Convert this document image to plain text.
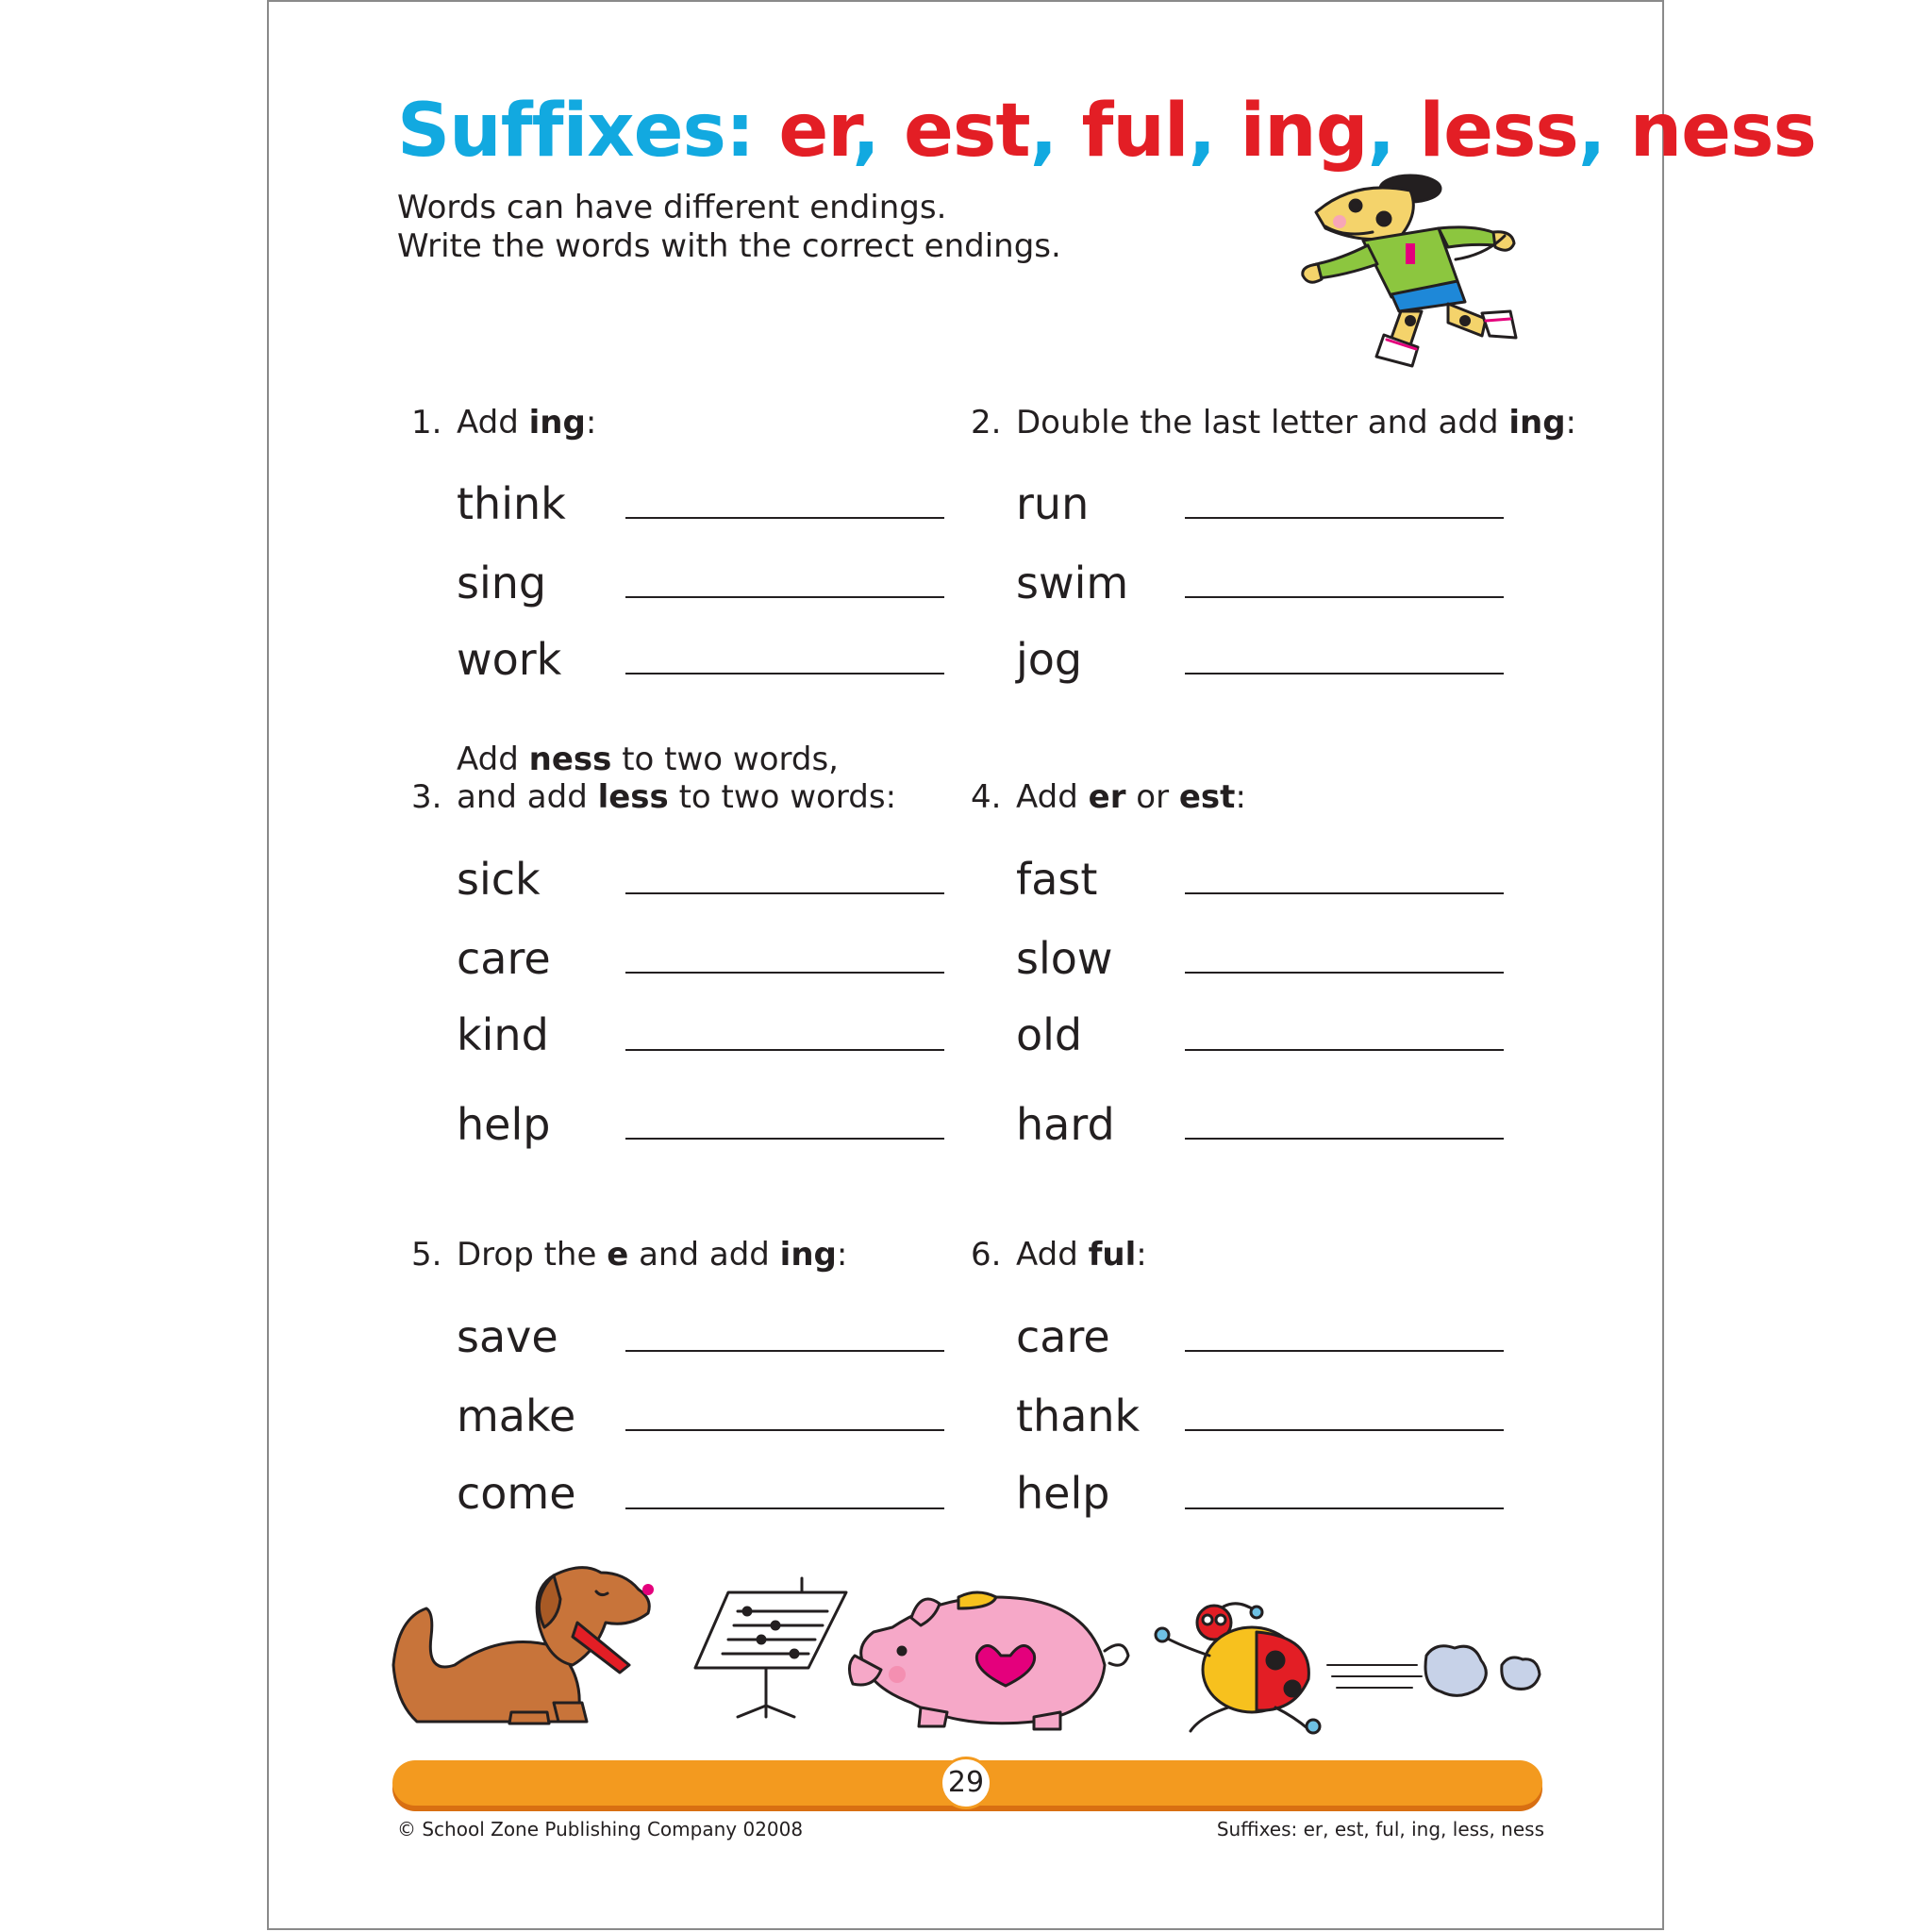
Suffixes: er, est, ful, ing, less, ness
Words can have different endings.
Write the words with the correct endings.
1. Add ing:
think
sing
work
2. Double the last letter and add ing:
run
swim
jog
Add ness to two words,
3. and add less to two words:
sick
care
kind
help
4. Add er or est:
fast
slow
old
hard
5. Drop the e and add ing:
save
make
come
6. Add ful:
care
thank
help
29
© School Zone Publishing Company 02008	Suffixes: er, est, ful, ing, less, ness
